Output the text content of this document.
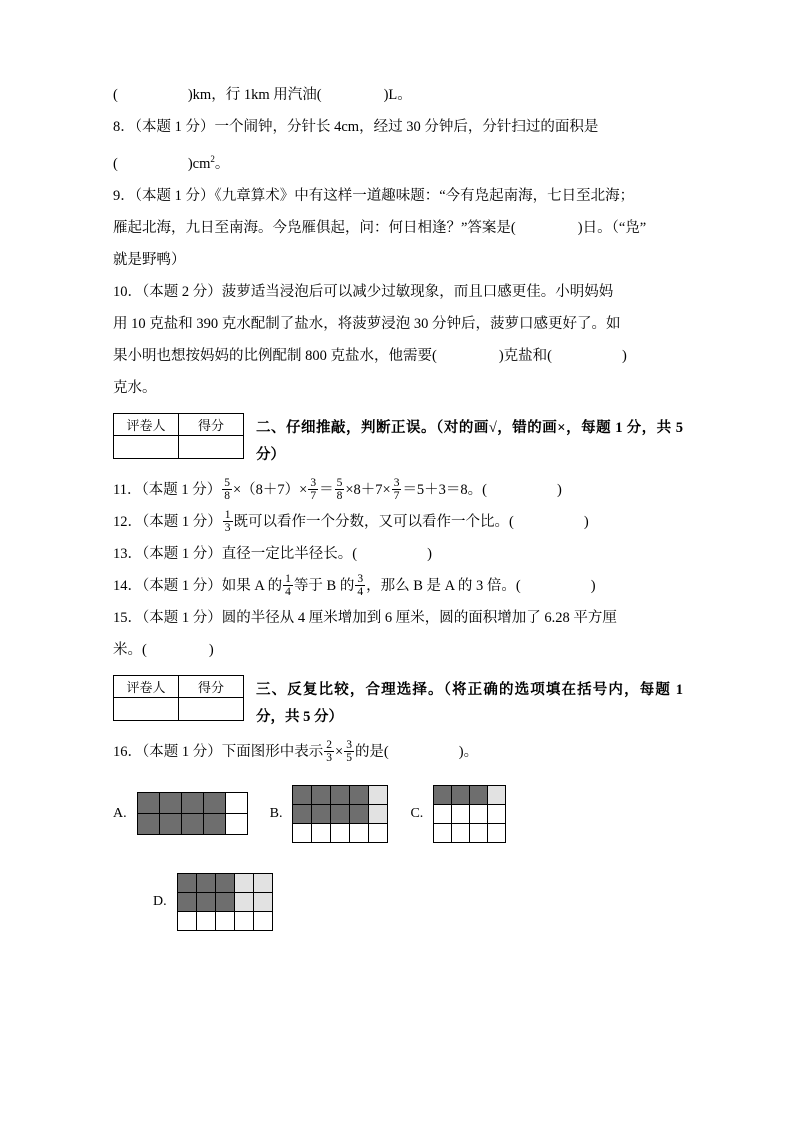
(	)km，行 1km 用汽油(	)L。

8．（本题 1 分）一个闹钟，分针长 4cm，经过 30 分钟后，分针扫过的面积是

(	)$cm^2$。

9．（本题 1 分）《九章算术》中有这样一道趣味题：“今有凫起南海，七日至北海；

雁起北海，九日至南海。今凫雁俱起，问：何日相逢？”答案是(	)日。（“凫”

就是野鸭）

10．（本题 2 分）菠萝适当浸泡后可以减少过敏现象，而且口感更佳。小明妈妈

用 10 克盐和 390 克水配制了盐水，将菠萝浸泡 30 分钟后，菠萝口感更好了。如

果小明也想按妈妈的比例配制 800 克盐水，他需要(	)克盐和(	)

克水。

评卷人	得分
	二、仔细推敲，判断正误。（对的画√，错的画×，每题 1 分，共 5 分）

11．（本题 1 分） $\frac{5}{8} \times(8+7)\times \frac{3}{7} = \frac{5}{8} \times 8+7\times \frac{3}{7} =5+3=8$。(	)

12．（本题 1 分） $\frac{1}{3}$ 既可以看作一个分数，又可以看作一个比。(	)

13．（本题 1 分）直径一定比半径长。(	)

14．（本题 1 分）如果 A 的 $\frac{1}{4}$ 等于 B 的 $\frac{3}{4}$ ，那么 B 是 A 的 3 倍。(	)

15．（本题 1 分）圆的半径从 4 厘米增加到 6 厘米，圆的面积增加了 6.28 平方厘

米。(	)

评卷人	得分
	三、反复比较，合理选择。（将正确的选项填在括号内，每题 1 分，共 5 分）

16．（本题 1 分）下面图形中表示 $\frac{2}{3} \times \frac{3}{5}$ 的是(	)。

A.	B.	C.
D.
